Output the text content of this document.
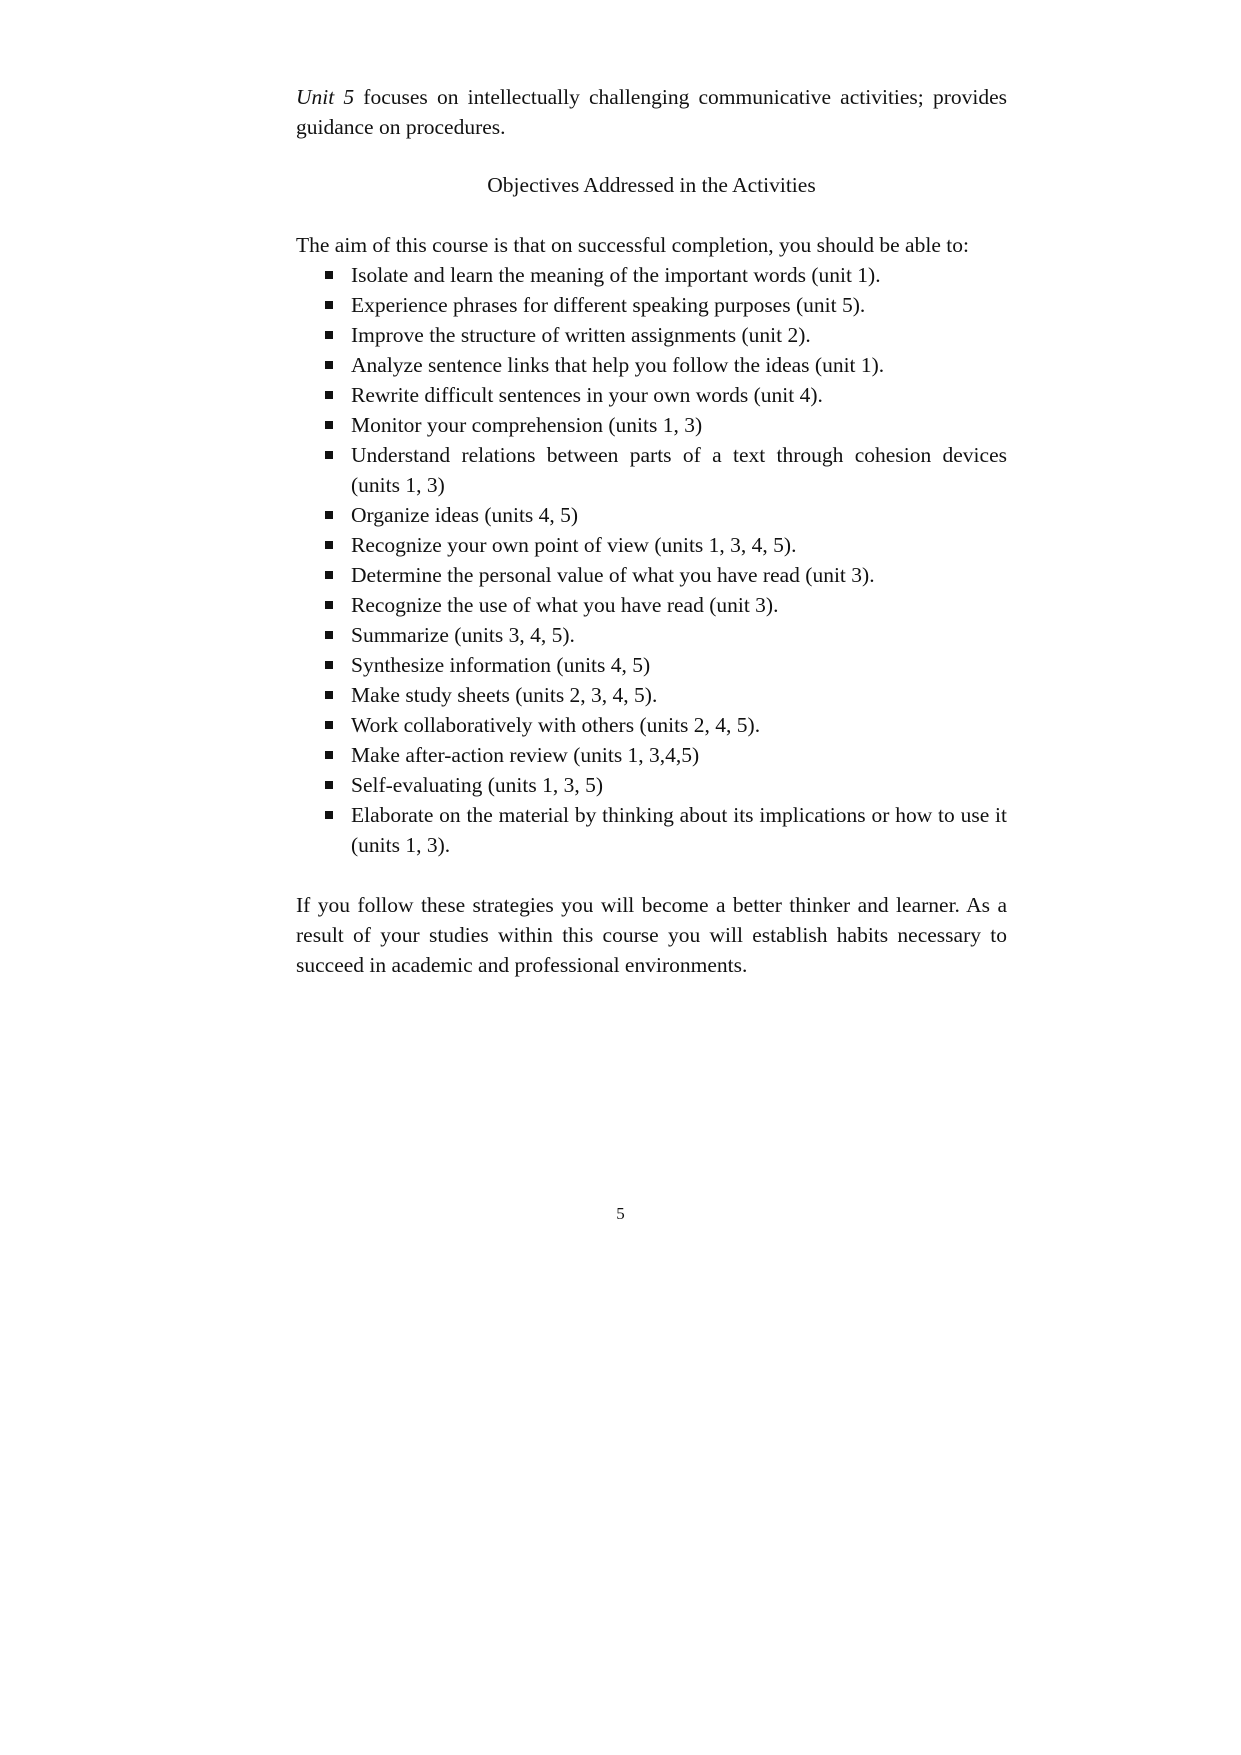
Unit 5 focuses on intellectually challenging communicative activities; provides guidance on procedures.

Objectives Addressed in the Activities

The aim of this course is that on successful completion, you should be able to:

Isolate and learn the meaning of the important words (unit 1).
Experience phrases for different speaking purposes (unit 5).
Improve the structure of written assignments (unit 2).
Analyze sentence links that help you follow the ideas (unit 1).
Rewrite difficult sentences in your own words (unit 4).
Monitor your comprehension (units 1, 3)
Understand relations between parts of a text through cohesion devices (units 1, 3)
Organize ideas (units 4, 5)
Recognize your own point of view (units 1, 3, 4, 5).
Determine the personal value of what you have read (unit 3).
Recognize the use of what you have read (unit 3).
Summarize (units 3, 4, 5).
Synthesize information (units 4, 5)
Make study sheets (units 2, 3, 4, 5).
Work collaboratively with others (units 2, 4, 5).
Make after-action review (units 1, 3,4,5)
Self-evaluating (units 1, 3, 5)
Elaborate on the material by thinking about its implications or how to use it (units 1, 3).

If you follow these strategies you will become a better thinker and learner. As a result of your studies within this course you will establish habits necessary to succeed in academic and professional environments.

5
